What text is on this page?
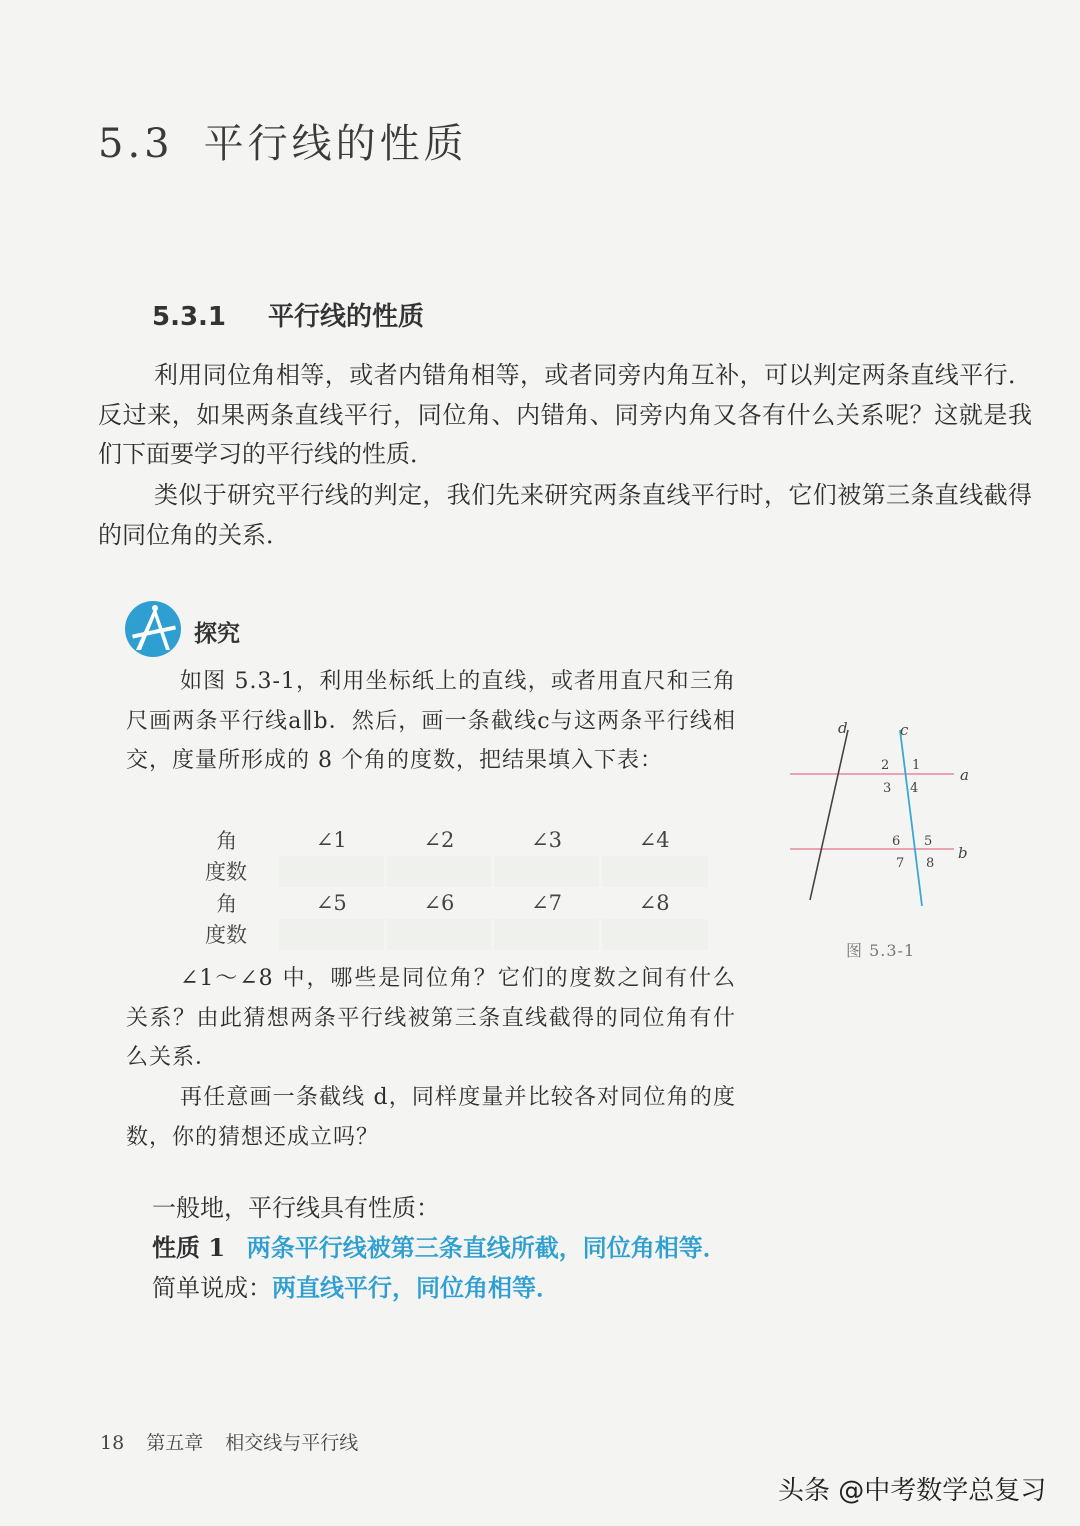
5.3 平行线的性质
5.3.1 平行线的性质
利用同位角相等，或者内错角相等，或者同旁内角互补，可以判定两条直线平行．反过来，如果两条直线平行，同位角、内错角、同旁内角又各有什么关系呢？这就是我们下面要学习的平行线的性质．
类似于研究平行线的判定，我们先来研究两条直线平行时，它们被第三条直线截得的同位角的关系．
探究
如图 5.3-1，利用坐标纸上的直线，或者用直尺和三角尺画两条平行线a∥b．然后，画一条截线c与这两条平行线相交，度量所形成的 8 个角的度数，把结果填入下表：
角	∠1	∠2	∠3	∠4
度数				
角	∠5	∠6	∠7	∠8
度数				
a
b
c
d
1
2
3 4
5
6
7 8
图 5.3-1
∠1～∠8 中，哪些是同位角？它们的度数之间有什么关系？由此猜想两条平行线被第三条直线截得的同位角有什么关系．
再任意画一条截线 d，同样度量并比较各对同位角的度数，你的猜想还成立吗？
一般地，平行线具有性质：
性质 1 两条平行线被第三条直线所截，同位角相等．
简单说成：两直线平行，同位角相等．
18 第五章 相交线与平行线
头条 @中考数学总复习
